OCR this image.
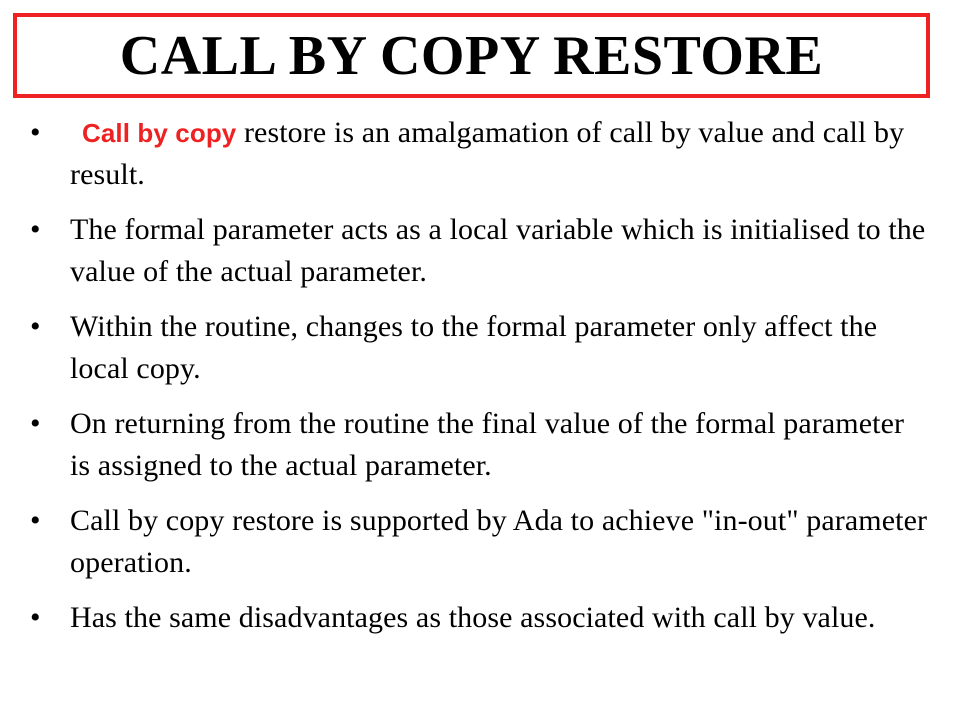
CALL BY COPY RESTORE
•	Call by copy restore is an amalgamation of call by value and call by result.
• The formal parameter acts as a local variable which is initialised to the value of the actual parameter.
• Within the routine, changes to the formal parameter only affect the local copy.
• On returning from the routine the final value of the formal parameter is assigned to the actual parameter.
• Call by copy restore is supported by Ada to achieve "in-out" parameter operation.
• Has the same disadvantages as those associated with call by value.
